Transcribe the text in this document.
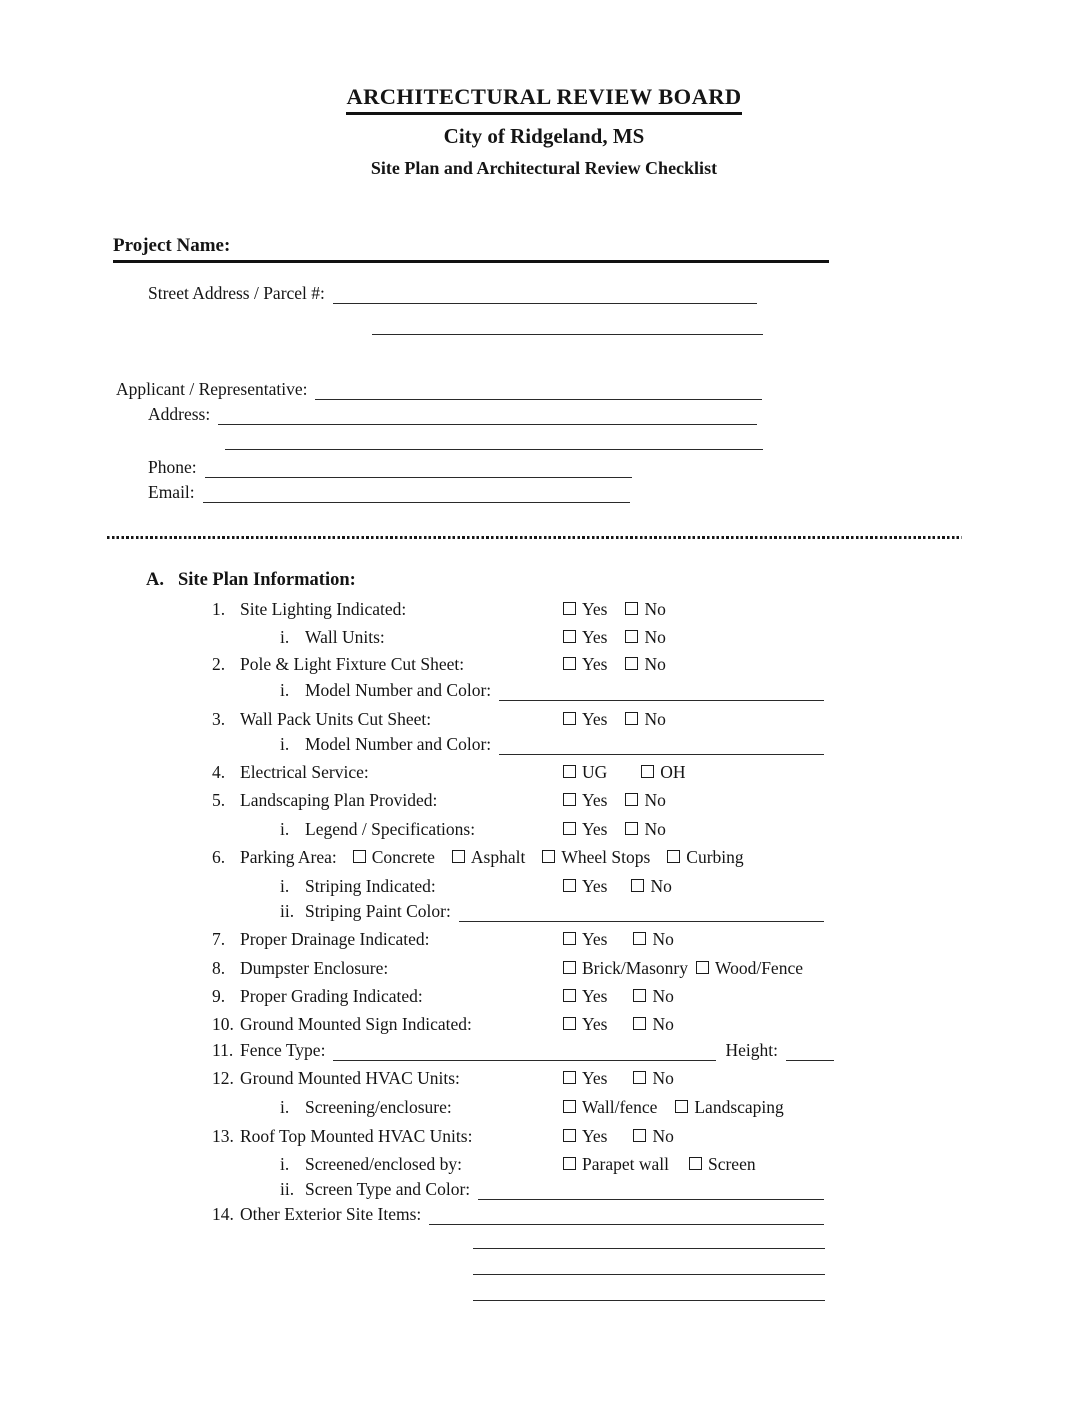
ARCHITECTURAL REVIEW BOARD
City of Ridgeland, MS
Site Plan and Architectural Review Checklist
Project Name:
Street Address / Parcel #:
Applicant / Representative:
Address:
Phone:
Email:
A. Site Plan Information:
1. Site Lighting Indicated:	Yes No
i. Wall Units:	Yes No
2. Pole & Light Fixture Cut Sheet:	Yes No
i. Model Number and Color:
3. Wall Pack Units Cut Sheet:	Yes No
i. Model Number and Color:
4. Electrical Service:	UG	OH
5. Landscaping Plan Provided:	Yes No
i. Legend / Specifications:	Yes No
6. Parking Area: Concrete Asphalt Wheel Stops Curbing
i. Striping Indicated:	Yes No
ii. Striping Paint Color:
7. Proper Drainage Indicated:	Yes	No
8. Dumpster Enclosure:	Brick/Masonry Wood/Fence
9. Proper Grading Indicated:	Yes	No
10. Ground Mounted Sign Indicated:	Yes	No
11. Fence Type:	Height:
12. Ground Mounted HVAC Units:	Yes	No
i. Screening/enclosure:	Wall/fence Landscaping
13. Roof Top Mounted HVAC Units:	Yes	No
i. Screened/enclosed by:	Parapet wall Screen
ii. Screen Type and Color:
14. Other Exterior Site Items:
